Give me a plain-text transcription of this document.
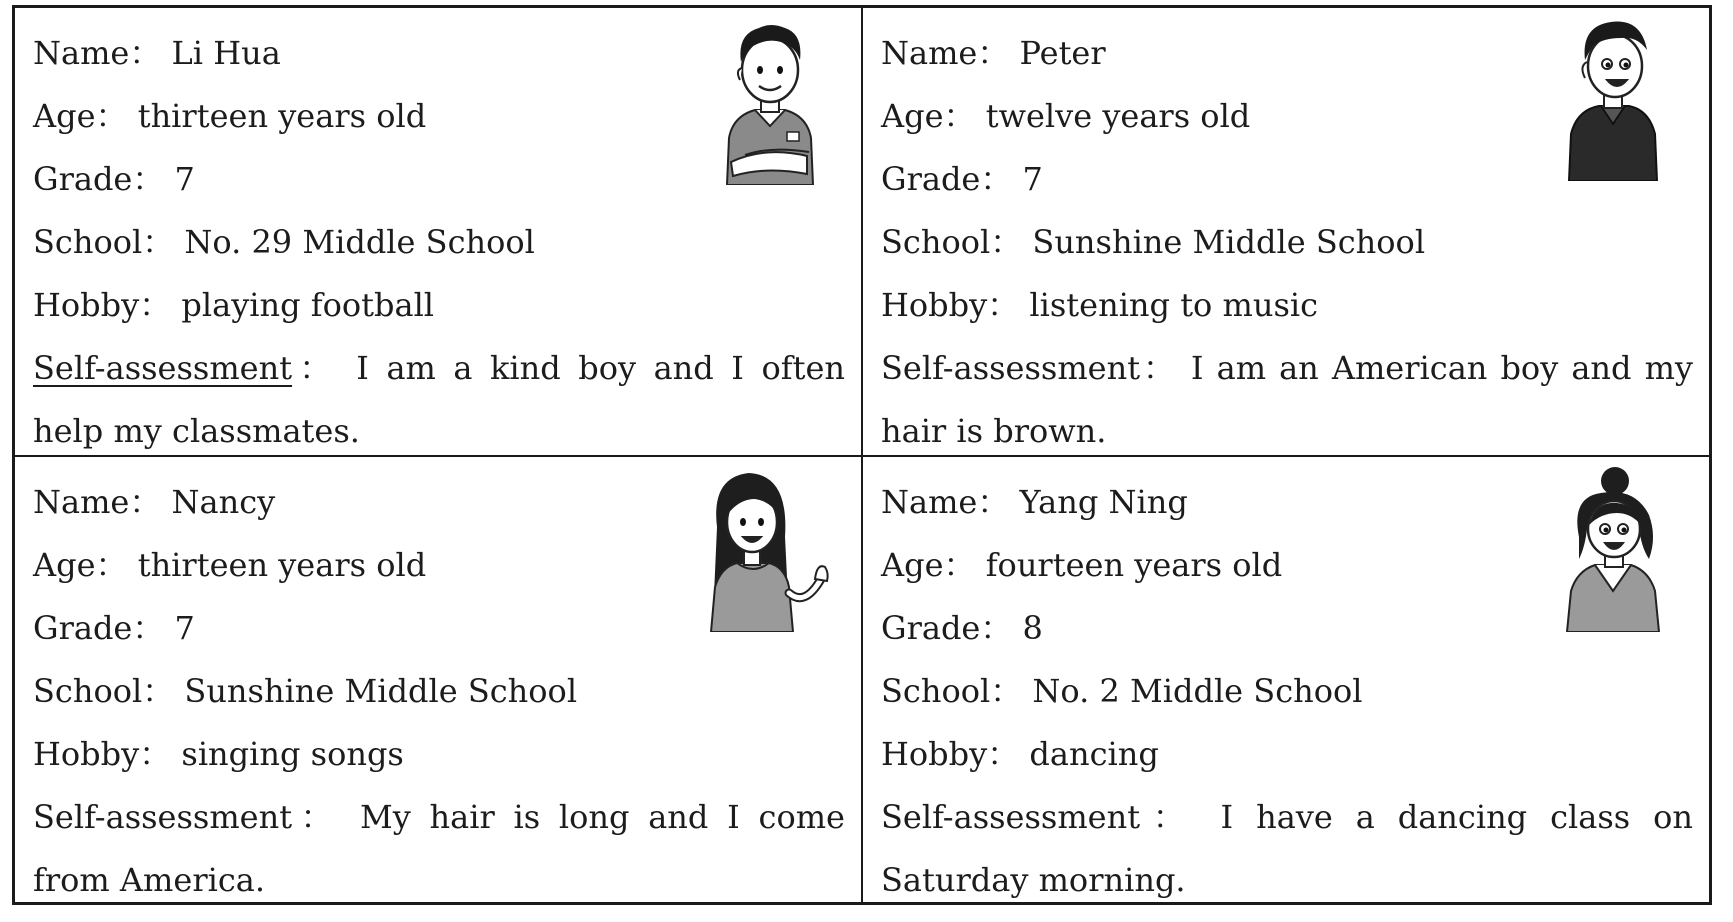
Name： Li Hua
Age： thirteen years old
Grade： 7
School： No. 29 Middle School
Hobby： playing football
Self-assessment： I am a kind boy and I often help my classmates.
Name： Peter
Age： twelve years old
Grade： 7
School： Sunshine Middle School
Hobby： listening to music
Self-assessment： I am an American boy and my hair is brown.
Name： Nancy
Age： thirteen years old
Grade： 7
School： Sunshine Middle School
Hobby： singing songs
Self-assessment： My hair is long and I come from America.
Name： Yang Ning
Age： fourteen years old
Grade： 8
School： No. 2 Middle School
Hobby： dancing
Self-assessment： I have a dancing class on Saturday morning.
